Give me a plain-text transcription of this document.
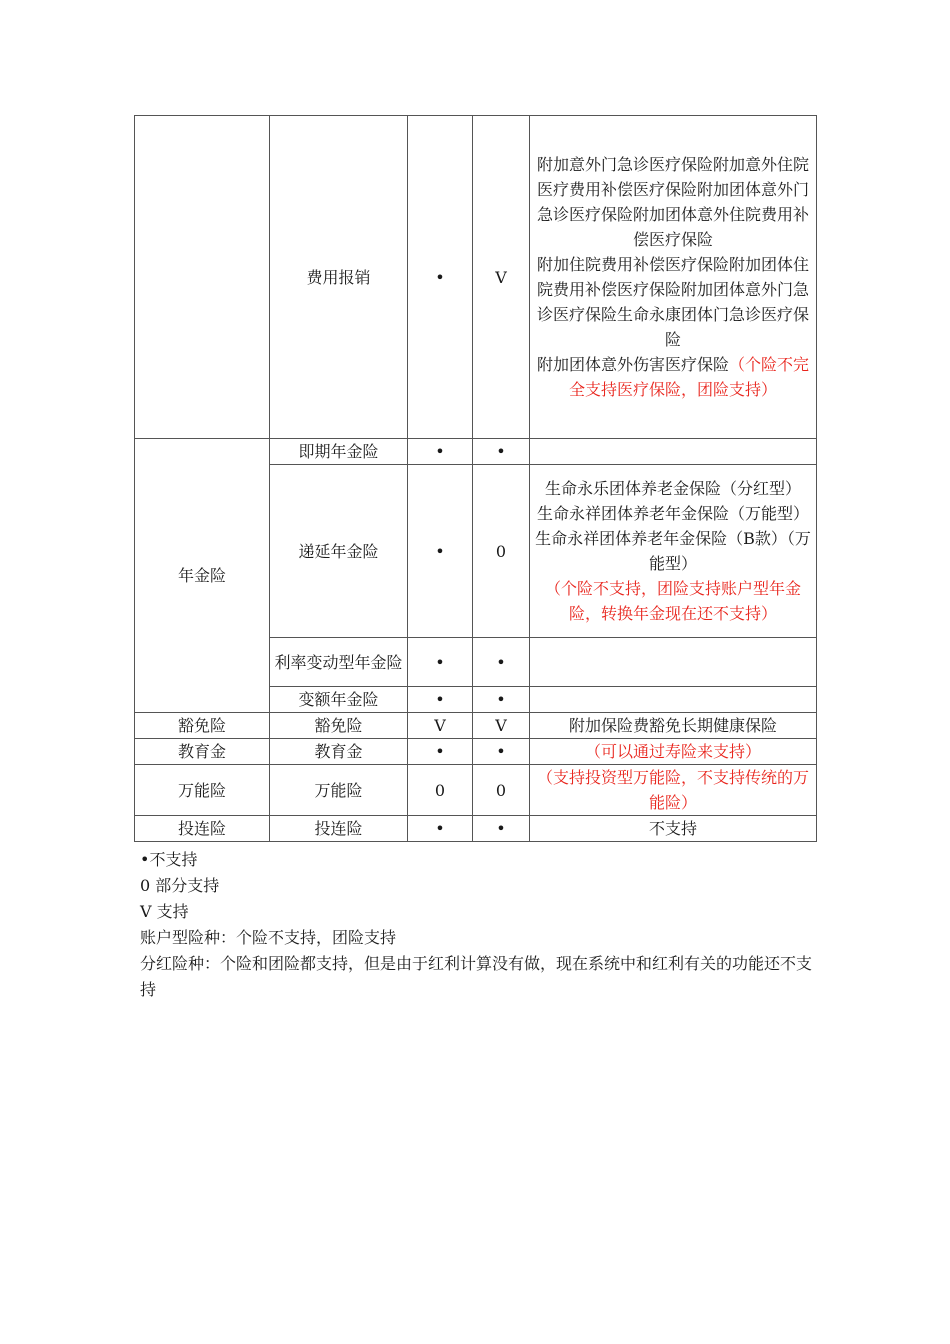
	费用报销	•	V	附加意外门急诊医疗保险附加意外住院医疗费用补偿医疗保险附加团体意外门急诊医疗保险附加团体意外住院费用补偿医疗保险
附加住院费用补偿医疗保险附加团体住院费用补偿医疗保险附加团体意外门急诊医疗保险生命永康团体门急诊医疗保险
附加团体意外伤害医疗保险（个险不完全支持医疗保险，团险支持）

年金险	即期年金险	•	•	
	递延年金险	•	0	生命永乐团体养老金保险（分红型）
生命永祥团体养老年金保险（万能型）
生命永祥团体养老年金保险（B款）（万能型）
（个险不支持，团险支持账户型年金险，转换年金现在还不支持）

	利率变动型年金险	•	•	
	变额年金险	•	•	
豁免险	豁免险	V	V	附加保险费豁免长期健康保险
教育金	教育金	•	•	（可以通过寿险来支持）
万能险	万能险	0	0	（支持投资型万能险，不支持传统的万能险）
投连险	投连险	•	•	不支持
•不支持
0 部分支持
V 支持
账户型险种：个险不支持，团险支持
分红险种：个险和团险都支持，但是由于红利计算没有做，现在系统中和红利有关的功能还不支持
